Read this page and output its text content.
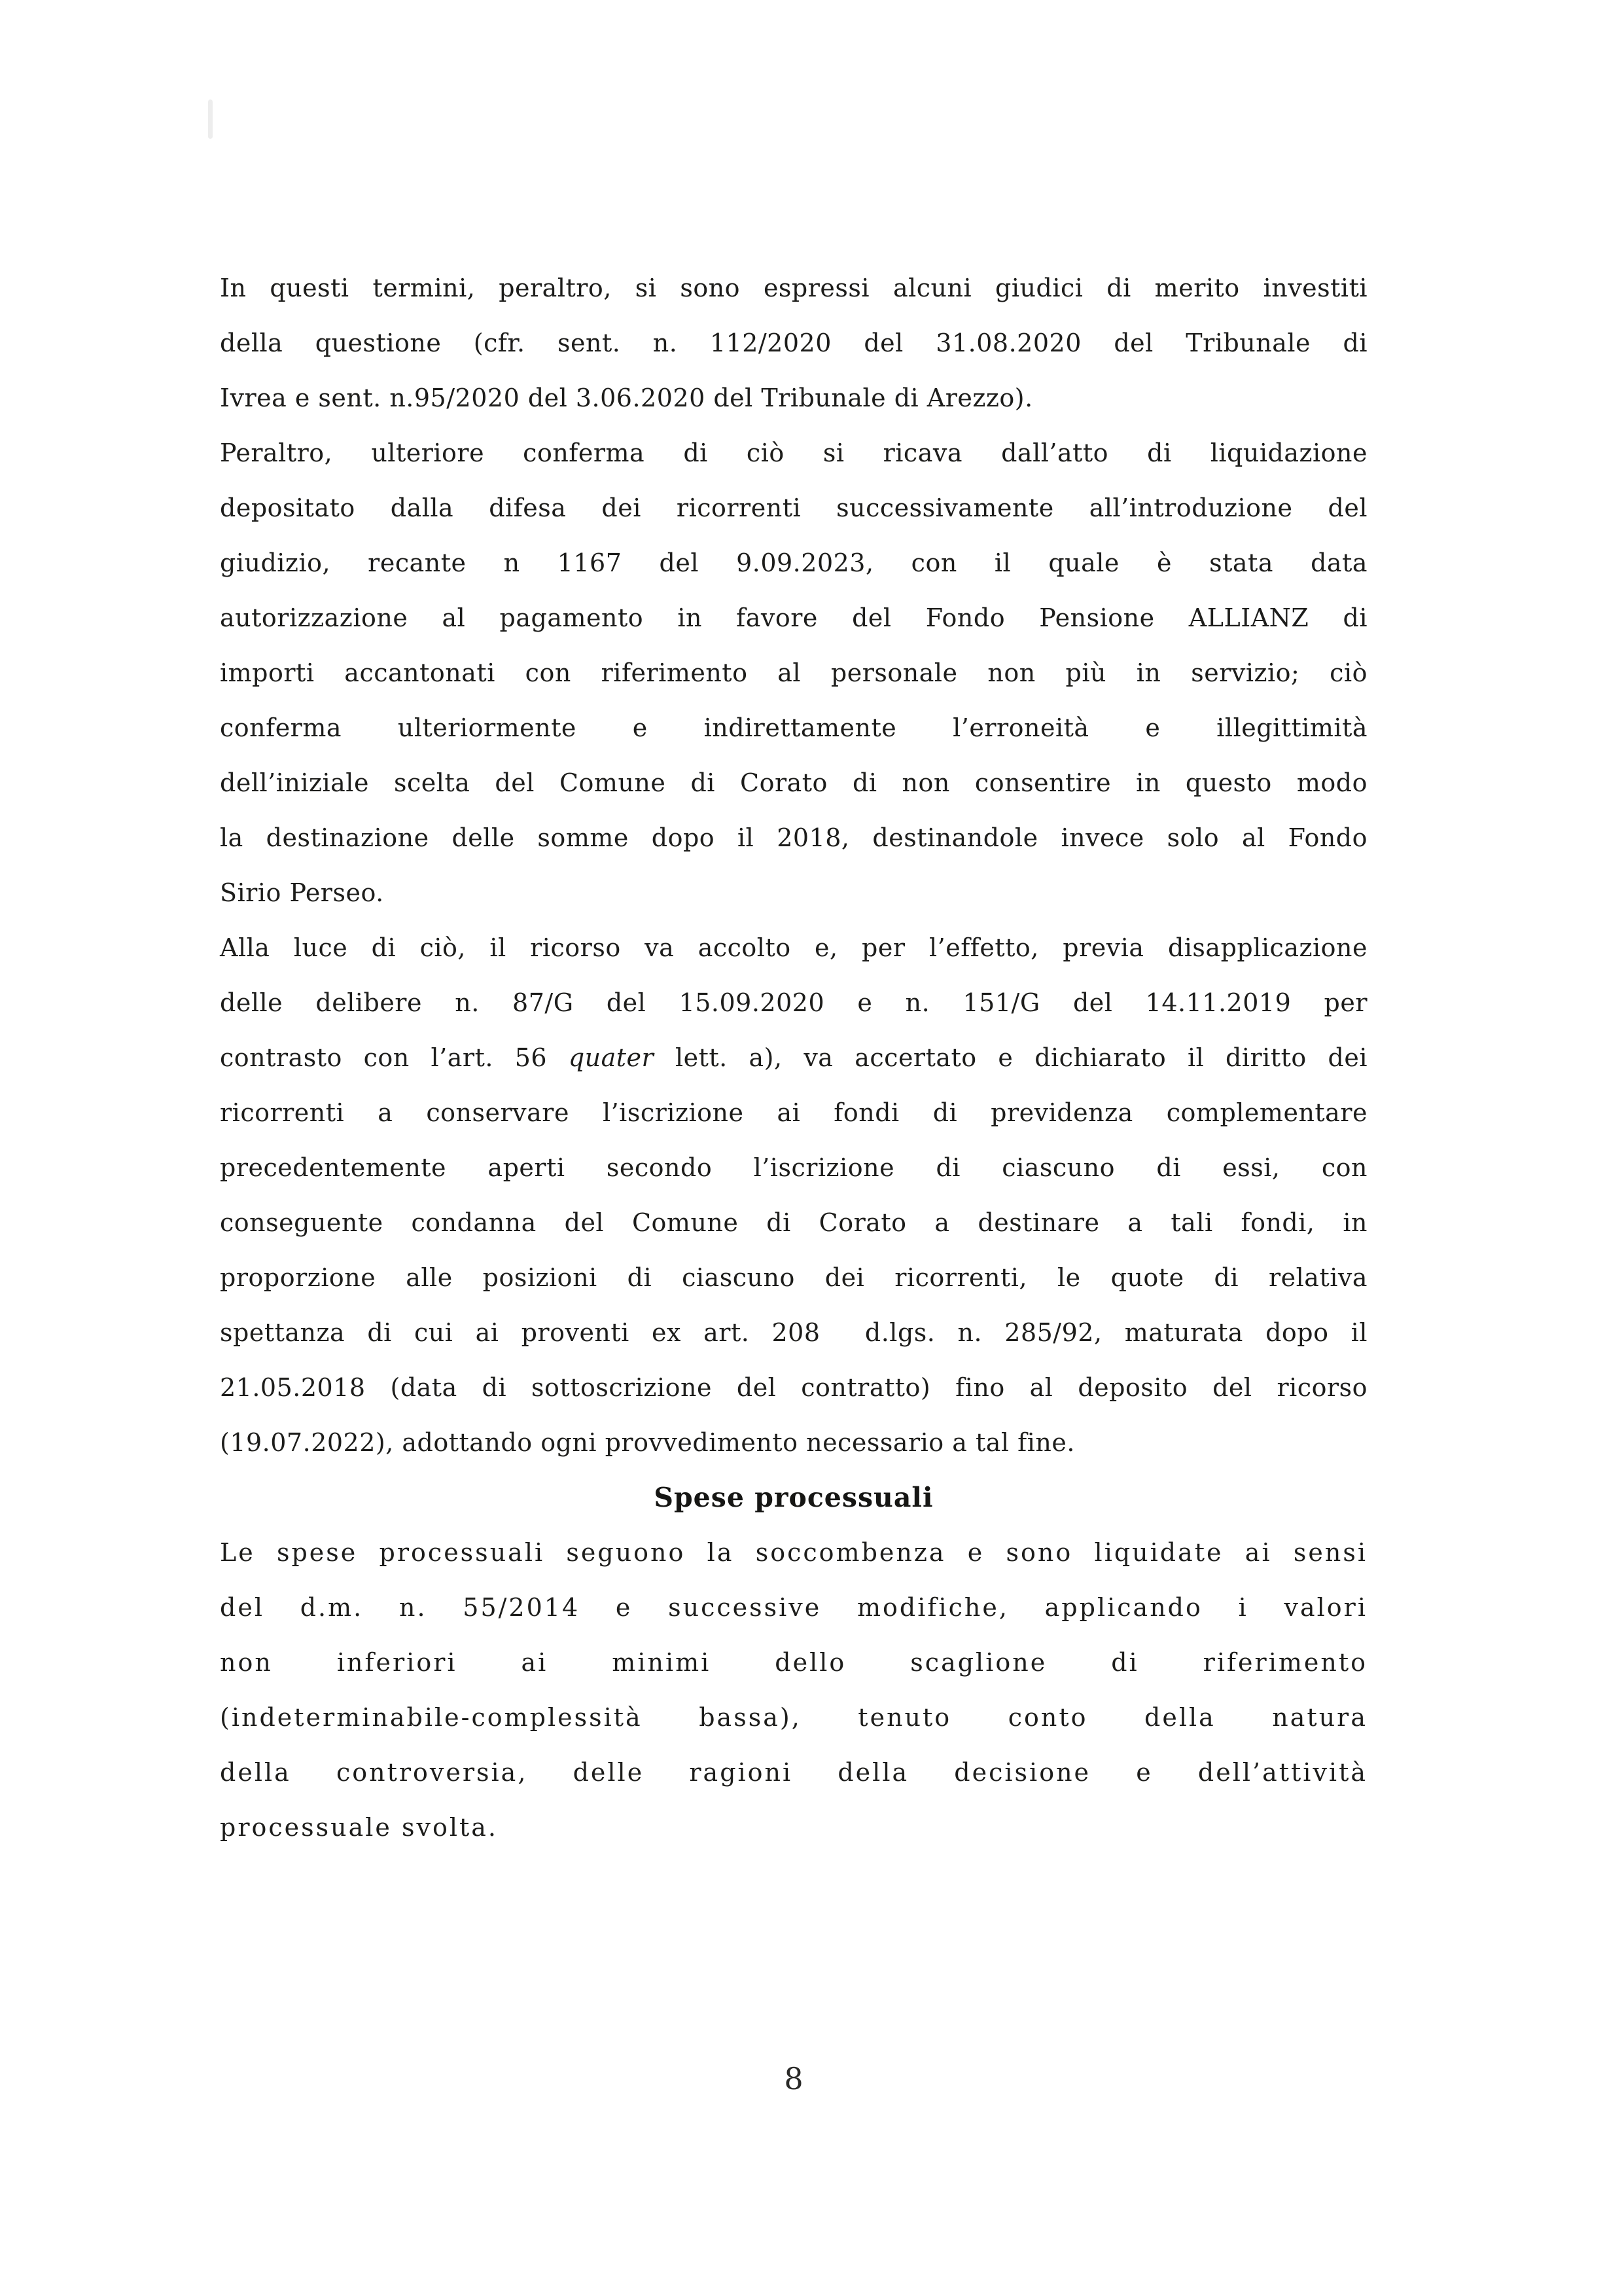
In questi termini, peraltro, si sono espressi alcuni giudici di merito investiti
della questione (cfr. sent. n. 112/2020 del 31.08.2020 del Tribunale di
Ivrea e sent. n.95/2020 del 3.06.2020 del Tribunale di Arezzo).
Peraltro, ulteriore conferma di ciò si ricava dall’atto di liquidazione
depositato dalla difesa dei ricorrenti successivamente all’introduzione del
giudizio, recante n 1167 del 9.09.2023, con il quale è stata data
autorizzazione al pagamento in favore del Fondo Pensione ALLIANZ di
importi accantonati con riferimento al personale non più in servizio; ciò
conferma ulteriormente e indirettamente l’erroneità e illegittimità
dell’iniziale scelta del Comune di Corato di non consentire in questo modo
la destinazione delle somme dopo il 2018, destinandole invece solo al Fondo
Sirio Perseo.
Alla luce di ciò, il ricorso va accolto e, per l’effetto, previa disapplicazione
delle delibere n. 87/G del 15.09.2020 e n. 151/G del 14.11.2019 per
contrasto con l’art. 56 quater lett. a), va accertato e dichiarato il diritto dei
ricorrenti a conservare l’iscrizione ai fondi di previdenza complementare
precedentemente aperti secondo l’iscrizione di ciascuno di essi, con
conseguente condanna del Comune di Corato a destinare a tali fondi, in
proporzione alle posizioni di ciascuno dei ricorrenti, le quote di relativa
spettanza di cui ai proventi ex art. 208  d.lgs. n. 285/92, maturata dopo il
21.05.2018 (data di sottoscrizione del contratto) fino al deposito del ricorso
(19.07.2022), adottando ogni provvedimento necessario a tal fine.
Spese processuali
Le spese processuali seguono la soccombenza e sono liquidate ai sensi
del d.m. n. 55/2014 e successive modifiche, applicando i valori
non inferiori ai minimi dello scaglione di riferimento
(indeterminabile-complessità bassa), tenuto conto della natura
della controversia, delle ragioni della decisione e dell’attività
processuale svolta.
8
